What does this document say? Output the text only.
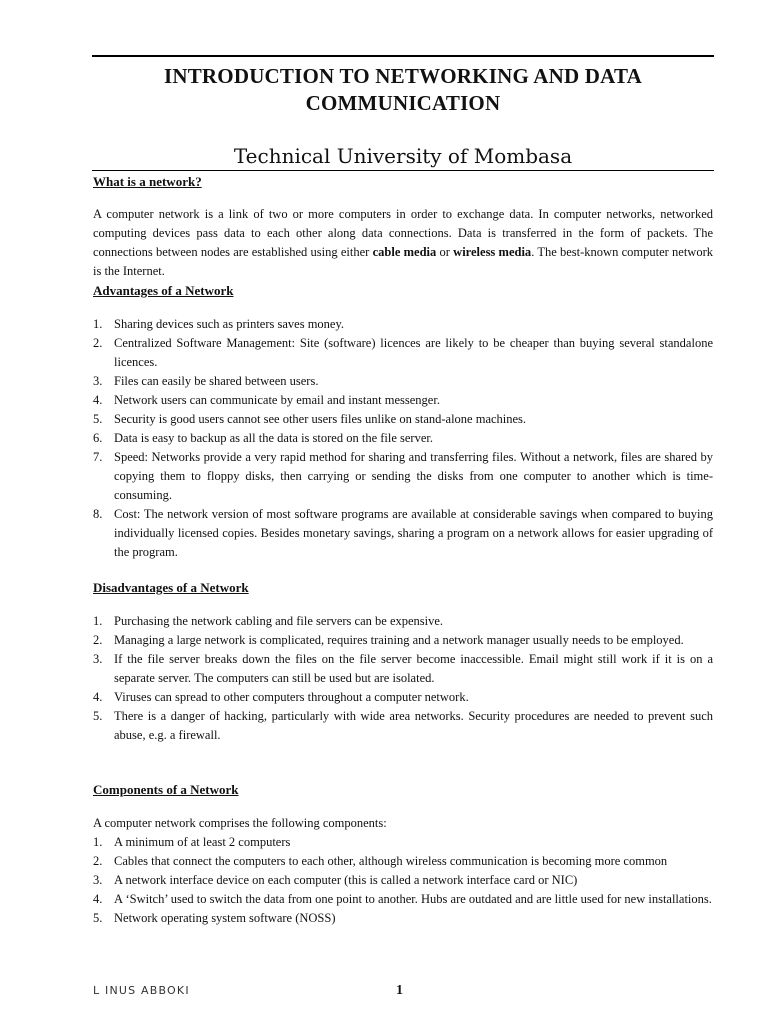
INTRODUCTION TO NETWORKING AND DATA COMMUNICATION
Technical University of Mombasa
What is a network?
A computer network is a link of two or more computers in order to exchange data. In computer networks, networked computing devices pass data to each other along data connections. Data is transferred in the form of packets. The connections between nodes are established using either cable media or wireless media. The best-known computer network is the Internet.
Advantages of a Network
1. Sharing devices such as printers saves money.
2. Centralized Software Management: Site (software) licences are likely to be cheaper than buying several standalone licences.
3. Files can easily be shared between users.
4. Network users can communicate by email and instant messenger.
5. Security is good users cannot see other users files unlike on stand-alone machines.
6. Data is easy to backup as all the data is stored on the file server.
7. Speed: Networks provide a very rapid method for sharing and transferring files. Without a network, files are shared by copying them to floppy disks, then carrying or sending the disks from one computer to another which is time-consuming.
8. Cost: The network version of most software programs are available at considerable savings when compared to buying individually licensed copies. Besides monetary savings, sharing a program on a network allows for easier upgrading of the program.
Disadvantages of a Network
1. Purchasing the network cabling and file servers can be expensive.
2. Managing a large network is complicated, requires training and a network manager usually needs to be employed.
3. If the file server breaks down the files on the file server become inaccessible. Email might still work if it is on a separate server. The computers can still be used but are isolated.
4. Viruses can spread to other computers throughout a computer network.
5. There is a danger of hacking, particularly with wide area networks. Security procedures are needed to prevent such abuse, e.g. a firewall.
Components of a Network
A computer network comprises the following components:
1. A minimum of at least 2 computers
2. Cables that connect the computers to each other, although wireless communication is becoming more common
3. A network interface device on each computer (this is called a network interface card or NIC)
4. A ‘Switch’ used to switch the data from one point to another. Hubs are outdated and are little used for new installations.
5. Network operating system software (NOSS)
L INUS ABBOKI	1
